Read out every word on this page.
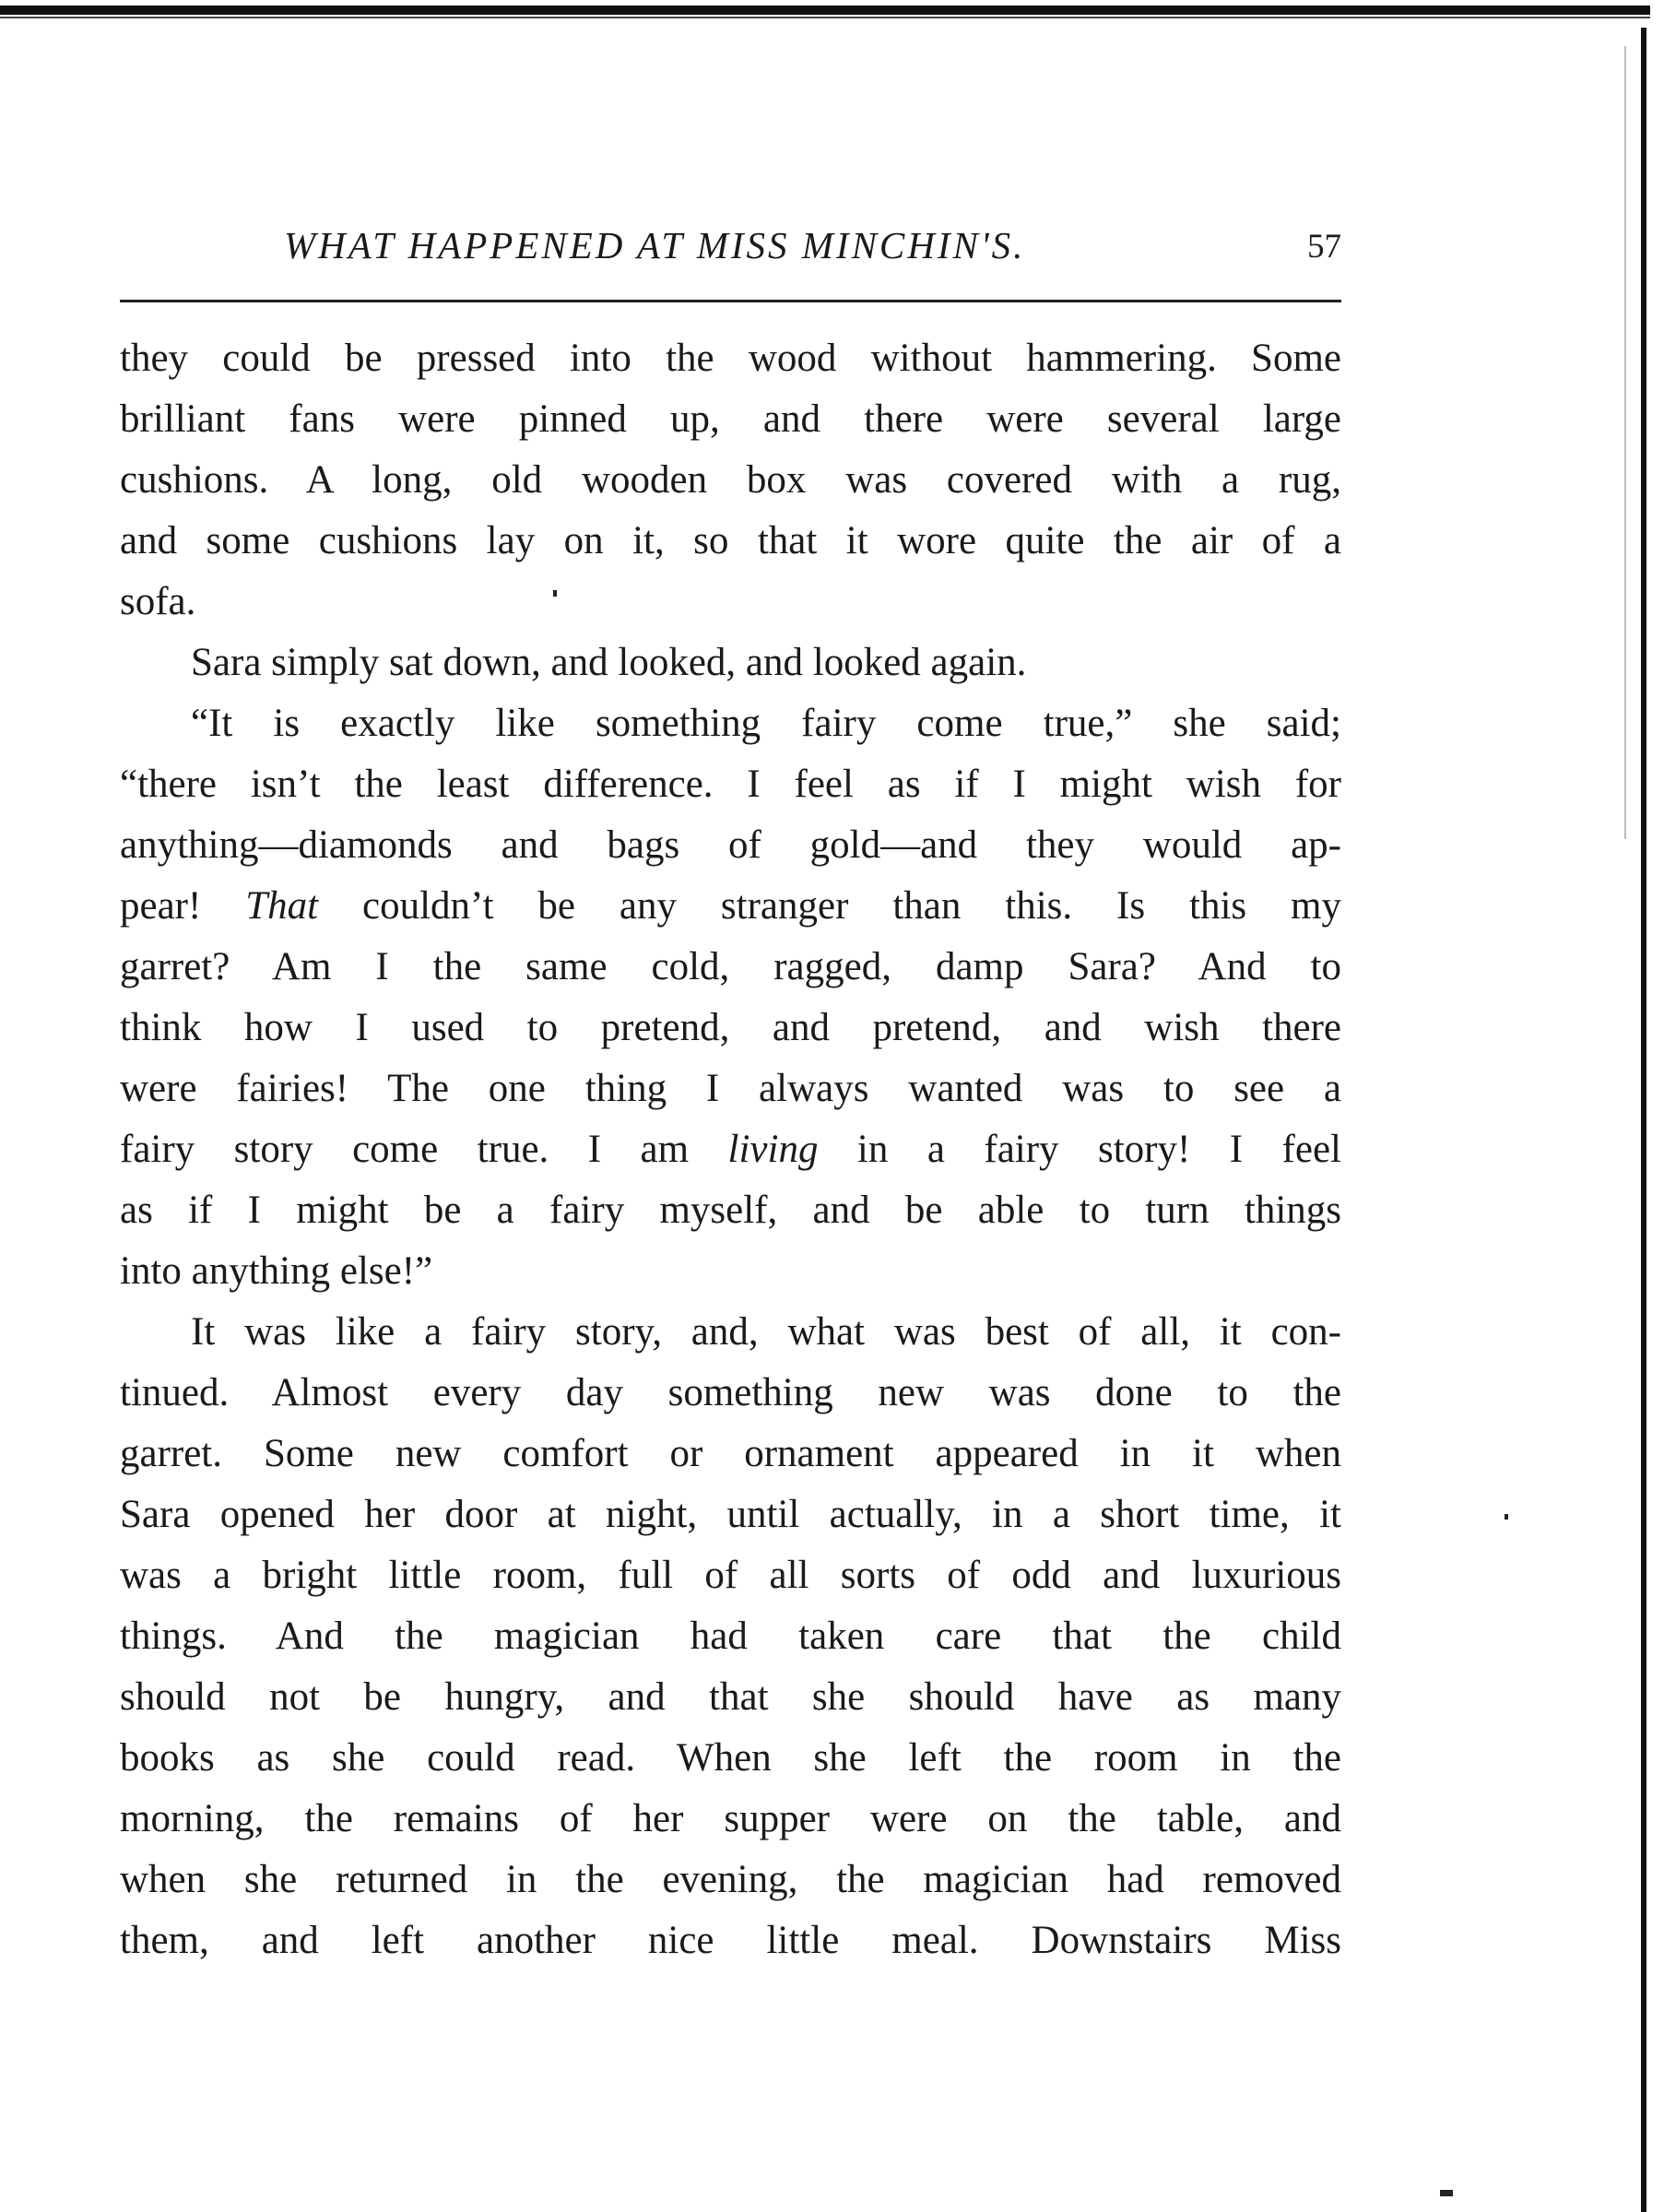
WHAT HAPPENED AT MISS MINCHIN'S.	57
they could be pressed into the wood without hammering. Some
brilliant fans were pinned up, and there were several large
cushions. A long, old wooden box was covered with a rug,
and some cushions lay on it, so that it wore quite the air of a
sofa.
Sara simply sat down, and looked, and looked again.
“It is exactly like something fairy come true,” she said;
“there isn’t the least difference. I feel as if I might wish for
anything—diamonds and bags of gold—and they would ap-
pear! That couldn’t be any stranger than this. Is this my
garret? Am I the same cold, ragged, damp Sara? And to
think how I used to pretend, and pretend, and wish there
were fairies! The one thing I always wanted was to see a
fairy story come true. I am living in a fairy story! I feel
as if I might be a fairy myself, and be able to turn things
into anything else!”
It was like a fairy story, and, what was best of all, it con-
tinued. Almost every day something new was done to the
garret. Some new comfort or ornament appeared in it when
Sara opened her door at night, until actually, in a short time, it
was a bright little room, full of all sorts of odd and luxurious
things. And the magician had taken care that the child
should not be hungry, and that she should have as many
books as she could read. When she left the room in the
morning, the remains of her supper were on the table, and
when she returned in the evening, the magician had removed
them, and left another nice little meal. Downstairs Miss
